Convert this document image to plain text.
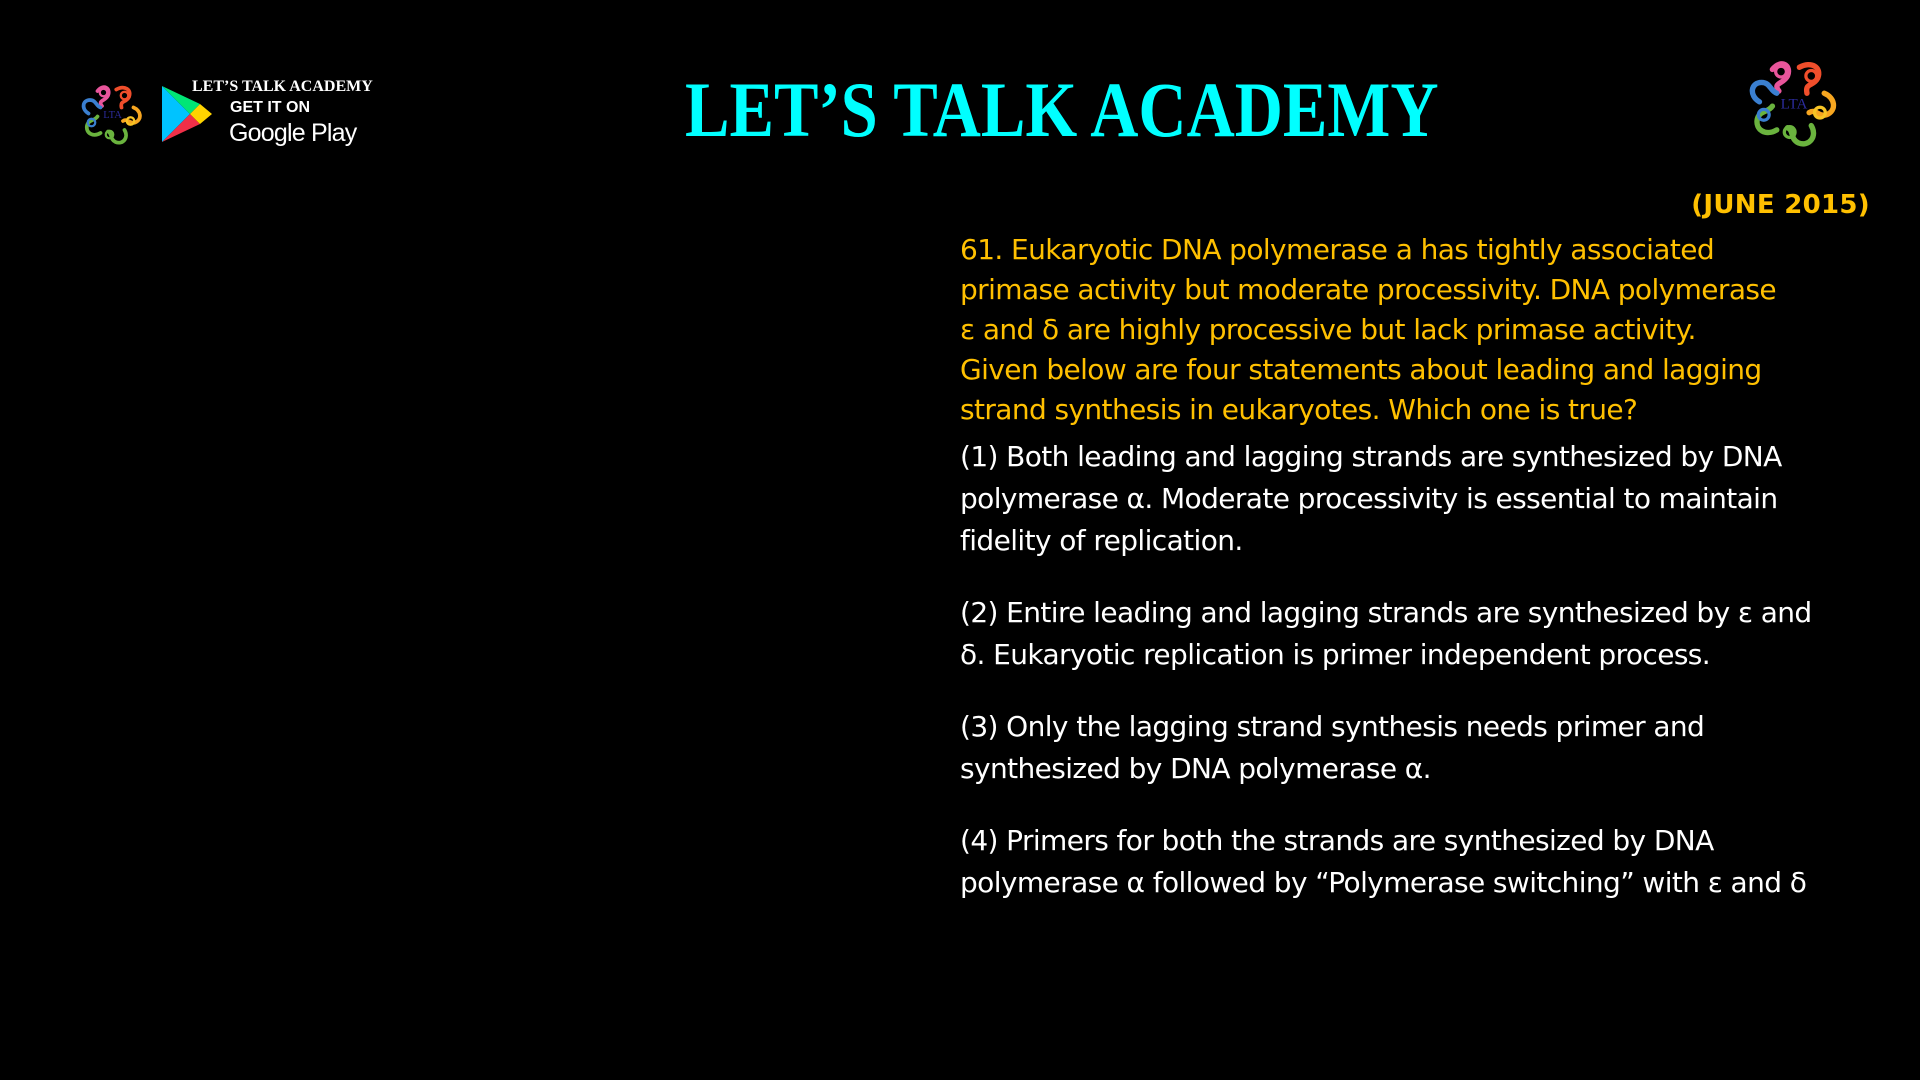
LTA
LET’S TALK ACADEMY
GET IT ON
Google Play	LET’S TALK ACADEMY	LTA
(JUNE 2015)

61. Eukaryotic DNA polymerase a has tightly associated
primase activity but moderate processivity. DNA polymerase
ε and δ are highly processive but lack primase activity.
Given below are four statements about leading and lagging
strand synthesis in eukaryotes. Which one is true?

(1) Both leading and lagging strands are synthesized by DNA
polymerase α. Moderate processivity is essential to maintain
fidelity of replication.

(2) Entire leading and lagging strands are synthesized by ε and
δ. Eukaryotic replication is primer independent process.

(3) Only the lagging strand synthesis needs primer and
synthesized by DNA polymerase α.

(4) Primers for both the strands are synthesized by DNA
polymerase α followed by “Polymerase switching” with ε and δ
